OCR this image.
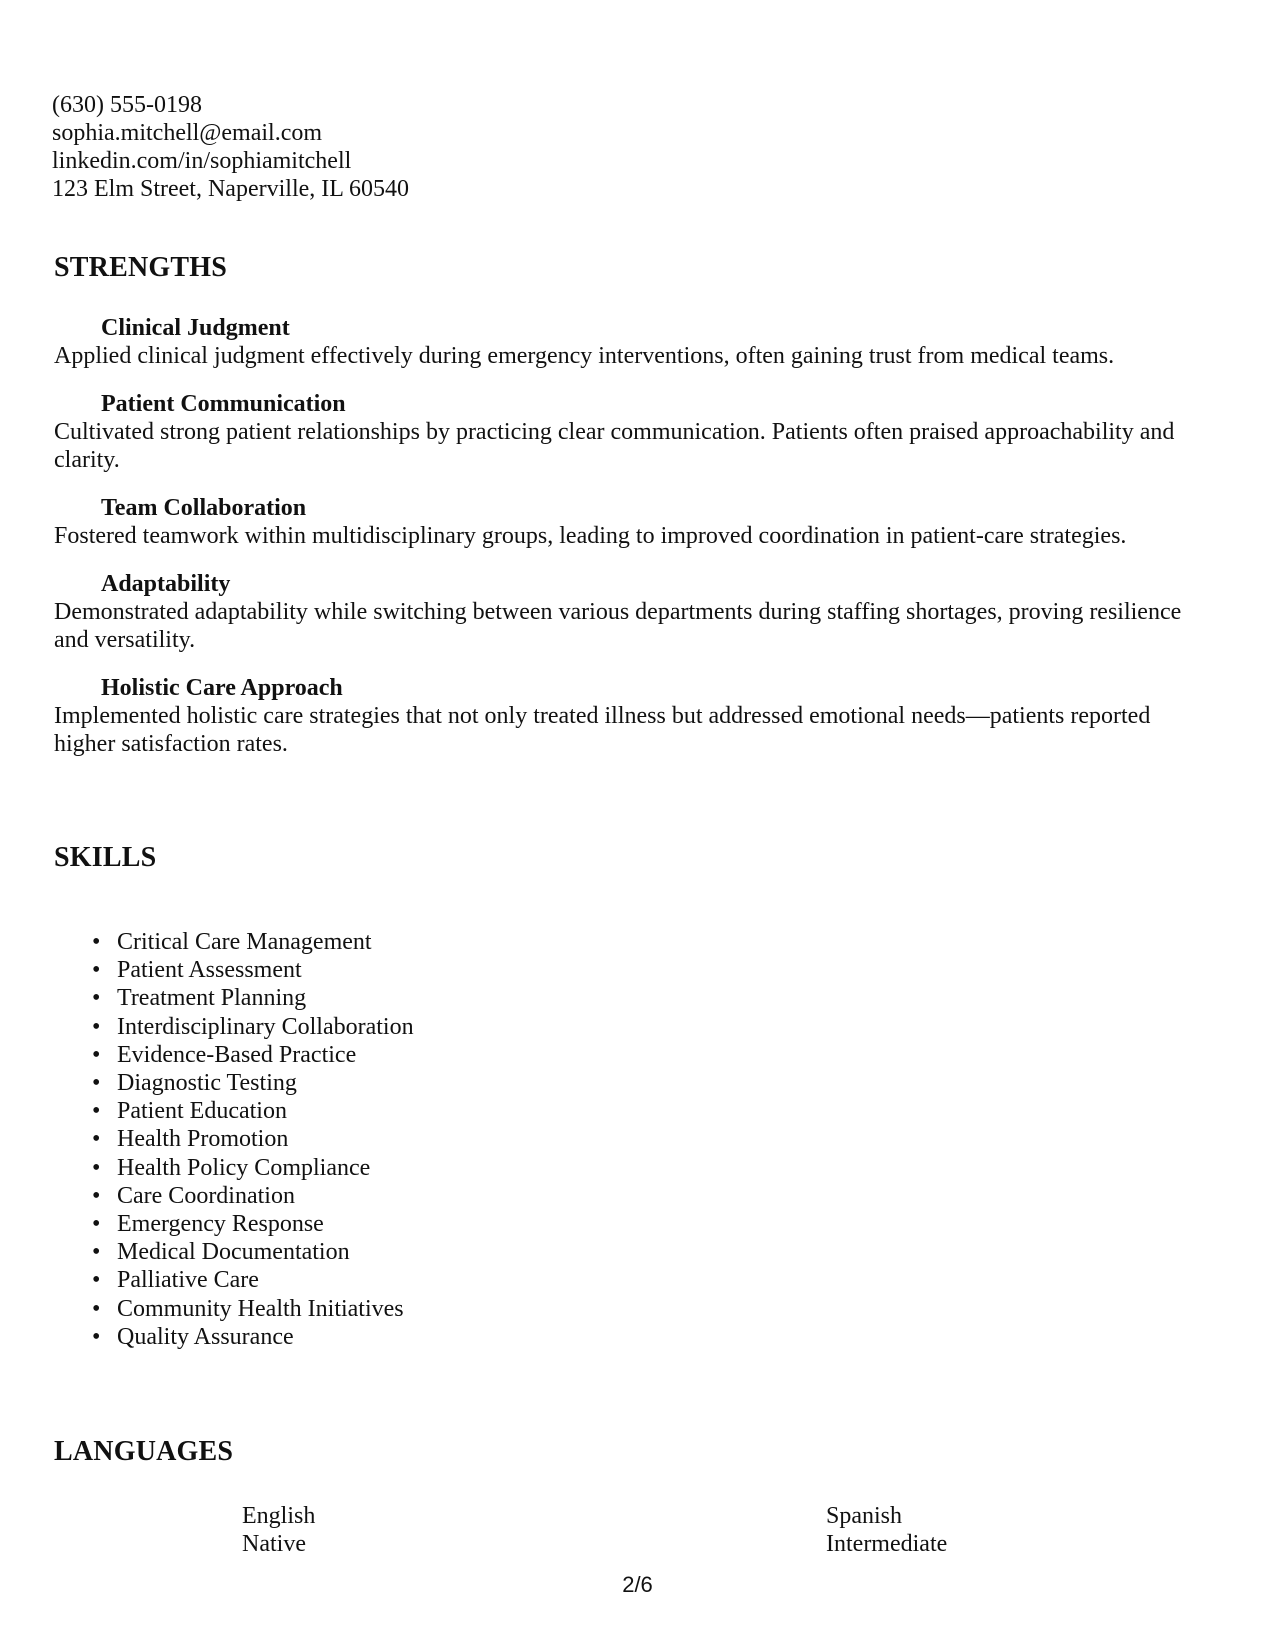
(630) 555-0198
sophia.mitchell@email.com
linkedin.com/in/sophiamitchell
123 Elm Street, Naperville, IL 60540
STRENGTHS
Clinical Judgment
Applied clinical judgment effectively during emergency interventions, often gaining trust from medical teams.
Patient Communication
Cultivated strong patient relationships by practicing clear communication. Patients often praised approachability and clarity.
Team Collaboration
Fostered teamwork within multidisciplinary groups, leading to improved coordination in patient-care strategies.
Adaptability
Demonstrated adaptability while switching between various departments during staffing shortages, proving resilience and versatility.
Holistic Care Approach
Implemented holistic care strategies that not only treated illness but addressed emotional needs—patients reported higher satisfaction rates.
SKILLS
• Critical Care Management
• Patient Assessment
• Treatment Planning
• Interdisciplinary Collaboration
• Evidence-Based Practice
• Diagnostic Testing
• Patient Education
• Health Promotion
• Health Policy Compliance
• Care Coordination
• Emergency Response
• Medical Documentation
• Palliative Care
• Community Health Initiatives
• Quality Assurance
LANGUAGES
English
Native
Spanish
Intermediate
2/6
